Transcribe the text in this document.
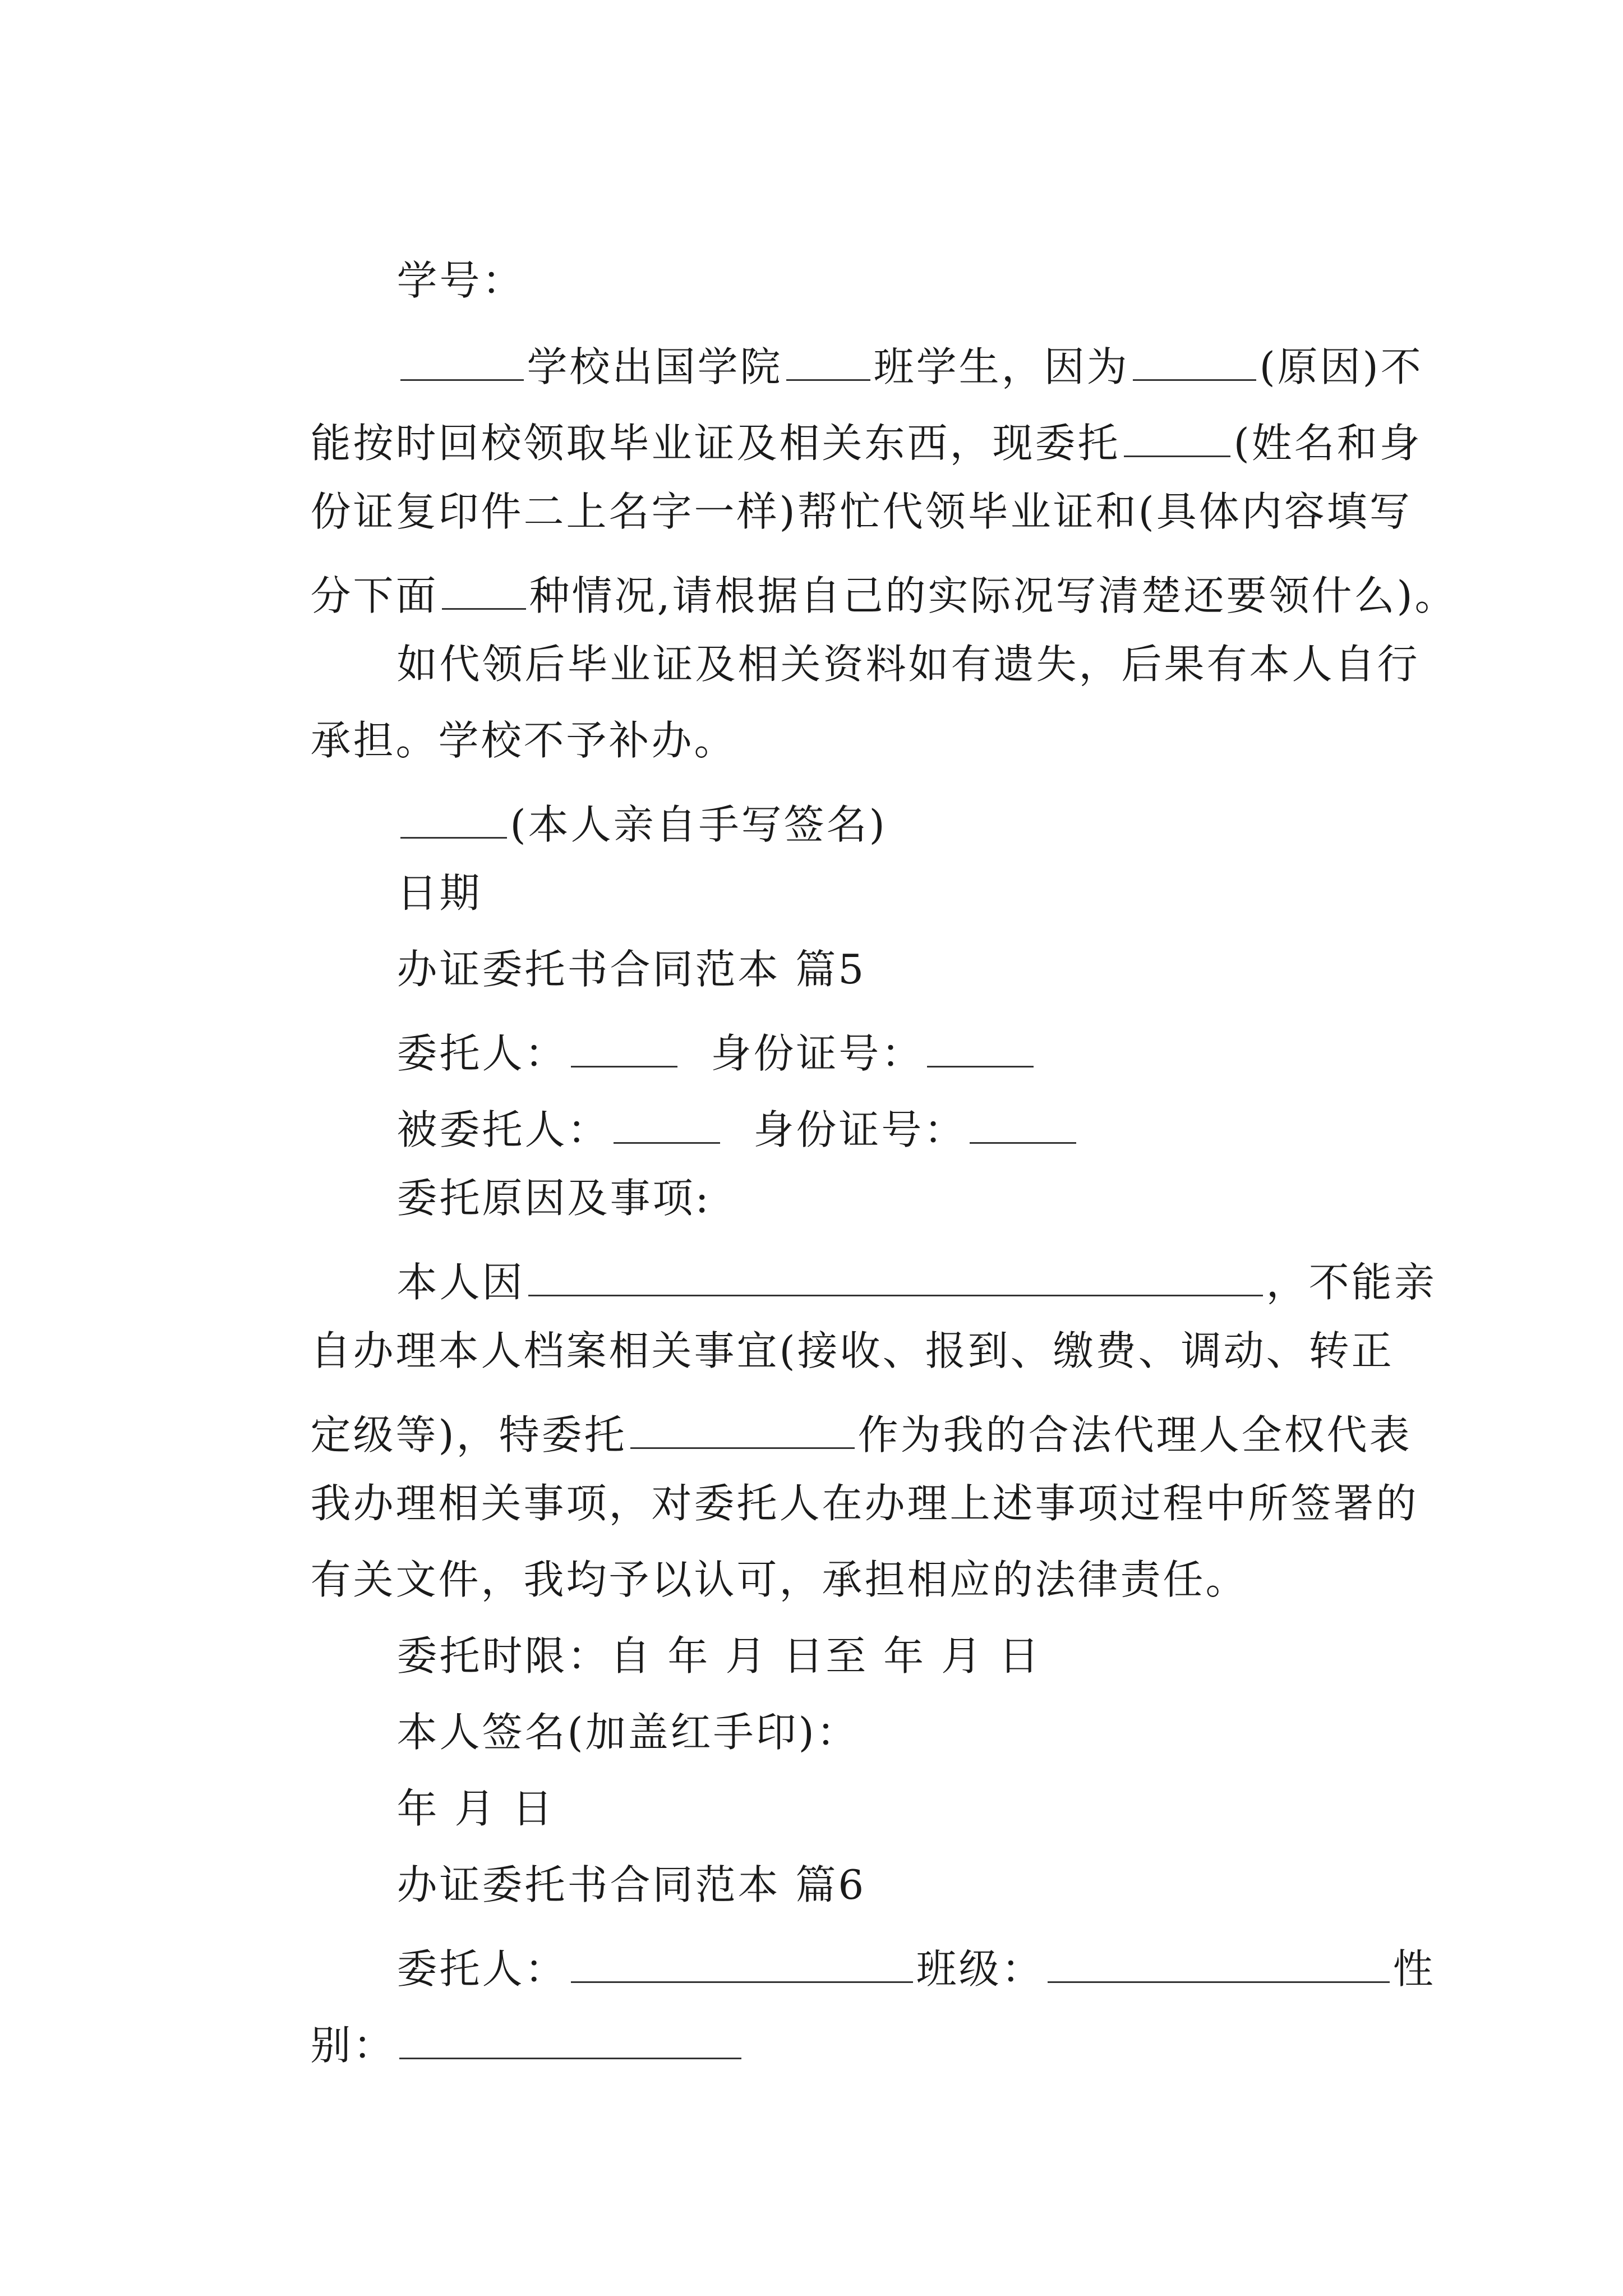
学号：

学校出国学院 班学生，因为	(原因)不

能按时回校领取毕业证及相关东西，现委托	(姓名和身

份证复印件二上名字一样)帮忙代领毕业证和(具体内容填写

分下面 种情况,请根据自己的实际况写清楚还要领什么)。

如代领后毕业证及相关资料如有遗失，后果有本人自行

承担。学校不予补办。

(本人亲自手写签名)

日期

办证委托书合同范本 篇5

委托人：	身份证号：

被委托人：	身份证号：

委托原因及事项:

本人因	，不能亲

自办理本人档案相关事宜(接收、报到、缴费、调动、转正

定级等)，特委托	作为我的合法代理人全权代表

我办理相关事项，对委托人在办理上述事项过程中所签署的

有关文件，我均予以认可，承担相应的法律责任。

委托时限：自 年 月 日至 年 月 日

本人签名(加盖红手印)：

年 月 日

办证委托书合同范本 篇6

委托人：	班级：	性

别：
